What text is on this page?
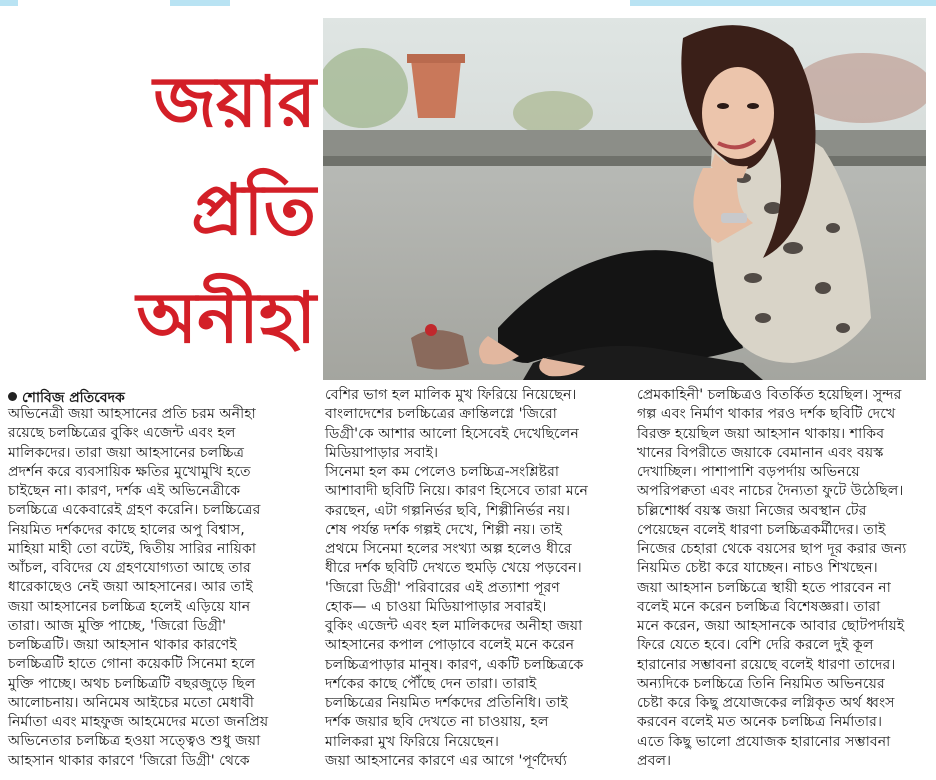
জয়ার
প্রতি
অনীহা
শোবিজ প্রতিবেদক
অভিনেত্রী জয়া আহসানের প্রতি চরম অনীহা
রয়েছে চলচ্চিত্রের বুকিং এজেন্ট এবং হল
মালিকদের। তারা জয়া আহসানের চলচ্চিত্র
প্রদর্শন করে ব্যবসায়িক ক্ষতির মুখোমুখি হতে
চাইছেন না। কারণ, দর্শক এই অভিনেত্রীকে
চলচ্চিত্রে একেবারেই গ্রহণ করেনি। চলচ্চিত্রের
নিয়মিত দর্শকদের কাছে হালের অপু বিশ্বাস,
মাহিয়া মাহী তো বটেই, দ্বিতীয় সারির নায়িকা
আঁচল, ববিদের যে গ্রহণযোগ্যতা আছে তার
ধারেকাছেও নেই জয়া আহসানের। আর তাই
জয়া আহসানের চলচ্চিত্র হলেই এড়িয়ে যান
তারা। আজ মুক্তি পাচ্ছে, 'জিরো ডিগ্রী'
চলচ্চিত্রটি। জয়া আহসান থাকার কারণেই
চলচ্চিত্রটি হাতে গোনা কয়েকটি সিনেমা হলে
মুক্তি পাচ্ছে। অথচ চলচ্চিত্রটি বছরজুড়ে ছিল
আলোচনায়। অনিমেষ আইচের মতো মেধাবী
নির্মাতা এবং মাহফুজ আহমেদের মতো জনপ্রিয়
অভিনেতার চলচ্চিত্র হওয়া সত্ত্বেও শুধু জয়া
আহসান থাকার কারণে 'জিরো ডিগ্রী' থেকে
বেশির ভাগ হল মালিক মুখ ফিরিয়ে নিয়েছেন।
বাংলাদেশের চলচ্চিত্রের ক্রান্তিলগ্নে 'জিরো
ডিগ্রী'কে আশার আলো হিসেবেই দেখেছিলেন
মিডিয়াপাড়ার সবাই।
সিনেমা হল কম পেলেও চলচ্চিত্র-সংশ্লিষ্টরা
আশাবাদী ছবিটি নিয়ে। কারণ হিসেবে তারা মনে
করছেন, এটা গল্পনির্ভর ছবি, শিল্পীনির্ভর নয়।
শেষ পর্যন্ত দর্শক গল্পই দেখে, শিল্পী নয়। তাই
প্রথমে সিনেমা হলের সংখ্যা অল্প হলেও ধীরে
ধীরে দর্শক ছবিটি দেখতে হুমড়ি খেয়ে পড়বেন।
'জিরো ডিগ্রী' পরিবারের এই প্রত্যাশা পূরণ
হোক— এ চাওয়া মিডিয়াপাড়ার সবারই।
বুকিং এজেন্ট এবং হল মালিকদের অনীহা জয়া
আহসানের কপাল পোড়াবে বলেই মনে করেন
চলচ্চিত্রপাড়ার মানুষ। কারণ, একটি চলচ্চিত্রকে
দর্শকের কাছে পৌঁছে দেন তারা। তারাই
চলচ্চিত্রের নিয়মিত দর্শকদের প্রতিনিধি। তাই
দর্শক জয়ার ছবি দেখতে না চাওয়ায়, হল
মালিকরা মুখ ফিরিয়ে নিয়েছেন।
জয়া আহসানের কারণে এর আগে 'পূর্ণদৈর্ঘ্য
প্রেমকাহিনী' চলচ্চিত্রও বিতর্কিত হয়েছিল। সুন্দর
গল্প এবং নির্মাণ থাকার পরও দর্শক ছবিটি দেখে
বিরক্ত হয়েছিল জয়া আহসান থাকায়। শাকিব
খানের বিপরীতে জয়াকে বেমানান এবং বয়স্ক
দেখাচ্ছিল। পাশাপাশি বড়পর্দায় অভিনয়ে
অপরিপক্বতা এবং নাচের দৈন্যতা ফুটে উঠেছিল।
চল্লিশোর্ধ্ব বয়স্ক জয়া নিজের অবস্থান টের
পেয়েছেন বলেই ধারণা চলচ্চিত্রকর্মীদের। তাই
নিজের চেহারা থেকে বয়সের ছাপ দূর করার জন্য
নিয়মিত চেষ্টা করে যাচ্ছেন। নাচও শিখছেন।
জয়া আহসান চলচ্চিত্রে স্থায়ী হতে পারবেন না
বলেই মনে করেন চলচ্চিত্র বিশেষজ্ঞরা। তারা
মনে করেন, জয়া আহসানকে আবার ছোটপর্দায়ই
ফিরে যেতে হবে। বেশি দেরি করলে দুই কূল
হারানোর সম্ভাবনা রয়েছে বলেই ধারণা তাদের।
অন্যদিকে চলচ্চিত্রে তিনি নিয়মিত অভিনয়ের
চেষ্টা করে কিছু প্রযোজকের লগ্নিকৃত অর্থ ধ্বংস
করবেন বলেই মত অনেক চলচ্চিত্র নির্মাতার।
এতে কিছু ভালো প্রযোজক হারানোর সম্ভাবনা
প্রবল।
